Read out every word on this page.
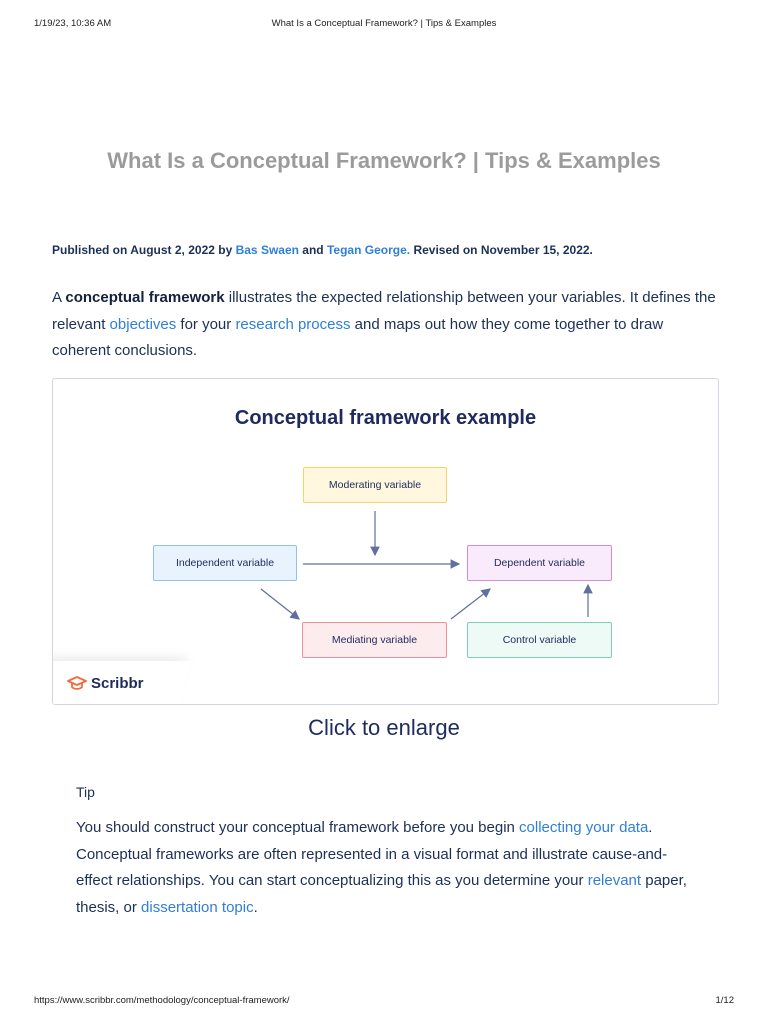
1/19/23, 10:36 AM	What Is a Conceptual Framework? | Tips & Examples
What Is a Conceptual Framework? | Tips & Examples
Published on August 2, 2022 by Bas Swaen and Tegan George. Revised on November 15, 2022.
A conceptual framework illustrates the expected relationship between your variables. It defines the relevant objectives for your research process and maps out how they come together to draw coherent conclusions.
Conceptual framework example
Moderating variable
Independent variable	Dependent variable
Mediating variable	Control variable
Scribbr
Click to enlarge
Tip
You should construct your conceptual framework before you begin collecting your data. Conceptual frameworks are often represented in a visual format and illustrate cause-and-effect relationships. You can start conceptualizing this as you determine your relevant paper, thesis, or dissertation topic.
https://www.scribbr.com/methodology/conceptual-framework/	1/12
